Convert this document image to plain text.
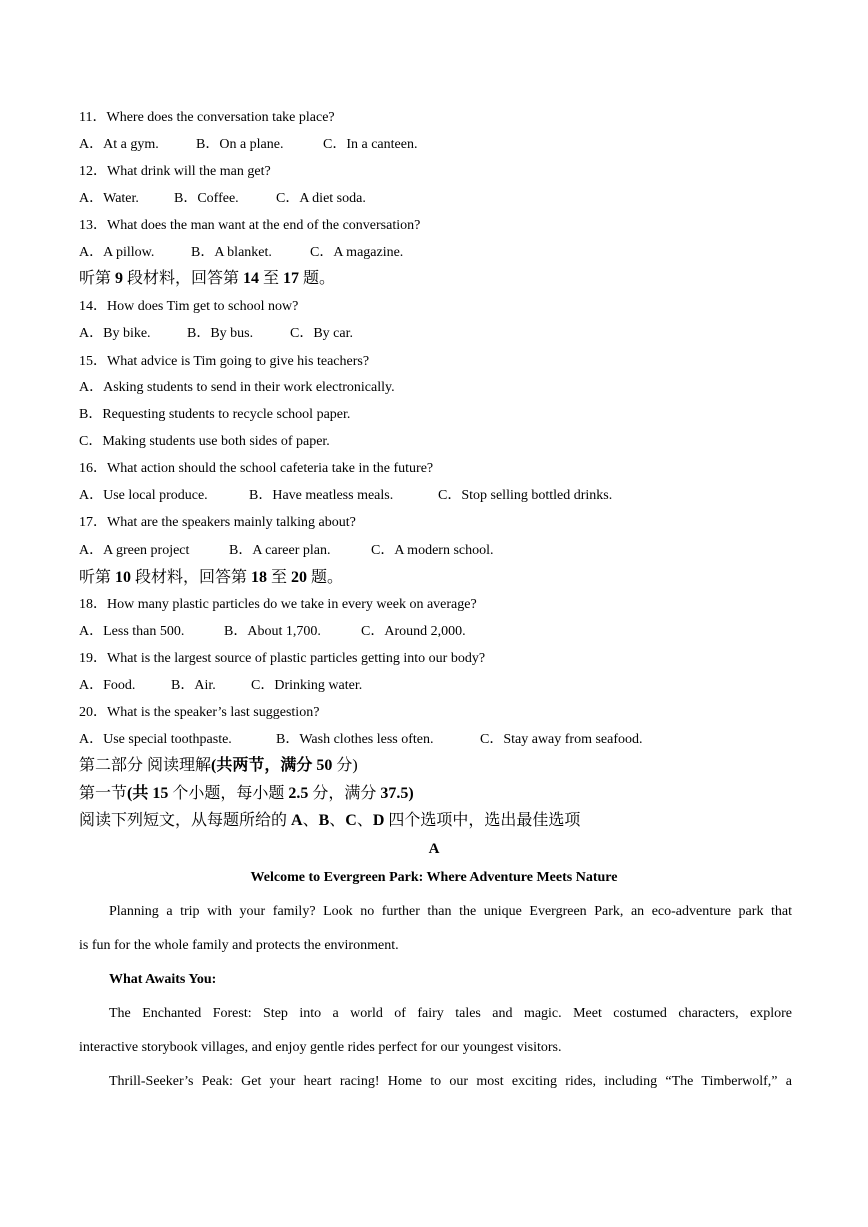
11．Where does the conversation take place?
A．At a gym.	B．On a plane.	C．In a canteen.
12．What drink will the man get?
A．Water.	B．Coffee.	C．A diet soda.
13．What does the man want at the end of the conversation?
A．A pillow.	B．A blanket.	C．A magazine.
听第 9 段材料，回答第 14 至 17 题。
14．How does Tim get to school now?
A．By bike.	B．By bus.	C．By car.
15．What advice is Tim going to give his teachers?
A．Asking students to send in their work electronically.
B．Requesting students to recycle school paper.
C．Making students use both sides of paper.
16．What action should the school cafeteria take in the future?
A．Use local produce.	B．Have meatless meals.	C．Stop selling bottled drinks.
17．What are the speakers mainly talking about?
A．A green project	B．A career plan.	C．A modern school.
听第 10 段材料，回答第 18 至 20 题。
18．How many plastic particles do we take in every week on average?
A．Less than 500.	B．About 1,700.	C．Around 2,000.
19．What is the largest source of plastic particles getting into our body?
A．Food.	B．Air.	C．Drinking water.
20．What is the speaker’s last suggestion?
A．Use special toothpaste.	B．Wash clothes less often.	C．Stay away from seafood.
第二部分 阅读理解(共两节，满分 50 分)
第一节(共 15 个小题，每小题 2.5 分，满分 37.5)
阅读下列短文，从每题所给的 A、B、C、D 四个选项中，选出最佳选项
A
Welcome to Evergreen Park: Where Adventure Meets Nature
Planning a trip with your family? Look no further than the unique Evergreen Park, an eco-adventure park that
is fun for the whole family and protects the environment.
What Awaits You:
The Enchanted Forest: Step into a world of fairy tales and magic. Meet costumed characters, explore
interactive storybook villages, and enjoy gentle rides perfect for our youngest visitors.
Thrill-Seeker’s Peak: Get your heart racing! Home to our most exciting rides, including “The Timberwolf,” a
